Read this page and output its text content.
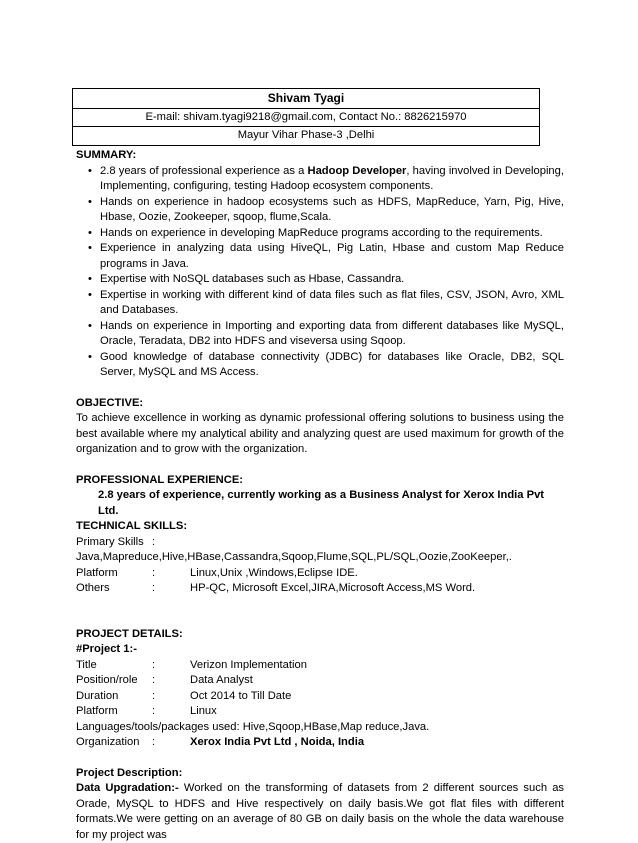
Shivam Tyagi
E-mail: shivam.tyagi9218@gmail.com, Contact No.: 8826215970
Mayur Vihar Phase-3 ,Delhi
SUMMARY:
• 2.8 years of professional experience as a Hadoop Developer, having involved in Developing, Implementing, configuring, testing Hadoop ecosystem components.
• Hands on experience in hadoop ecosystems such as HDFS, MapReduce, Yarn, Pig, Hive, Hbase, Oozie, Zookeeper, sqoop, flume,Scala.
• Hands on experience in developing MapReduce programs according to the requirements.
• Experience in analyzing data using HiveQL, Pig Latin, Hbase and custom Map Reduce programs in Java.
• Expertise with NoSQL databases such as Hbase, Cassandra.
• Expertise in working with different kind of data files such as flat files, CSV, JSON, Avro, XML and Databases.
• Hands on experience in Importing and exporting data from different databases like MySQL, Oracle, Teradata, DB2 into HDFS and viseversa using Sqoop.
• Good knowledge of database connectivity (JDBC) for databases like Oracle, DB2, SQL Server, MySQL and MS Access.
OBJECTIVE:
To achieve excellence in working as dynamic professional offering solutions to business using the best available where my analytical ability and analyzing quest are used maximum for growth of the organization and to grow with the organization.
PROFESSIONAL EXPERIENCE:
2.8 years of experience, currently working as a Business Analyst for Xerox India Pvt Ltd.
TECHNICAL SKILLS:
Primary Skills :
Java,Mapreduce,Hive,HBase,Cassandra,Sqoop,Flume,SQL,PL/SQL,Oozie,ZooKeeper,.
Platform	:	Linux,Unix ,Windows,Eclipse IDE.
Others	:	HP-QC, Microsoft Excel,JIRA,Microsoft Access,MS Word.
PROJECT DETAILS:
#Project 1:-
Title	:	Verizon Implementation
Position/role	:	Data Analyst
Duration	:	Oct 2014 to Till Date
Platform	:	Linux
Languages/tools/packages used: Hive,Sqoop,HBase,Map reduce,Java.
Organization	:	Xerox India Pvt Ltd , Noida, India
Project Description:
Data Upgradation:- Worked on the transforming of datasets from 2 different sources such as Orade, MySQL to HDFS and Hive respectively on daily basis.We got flat files with different formats.We were getting on an average of 80 GB on daily basis on the whole the data warehouse for my project was
